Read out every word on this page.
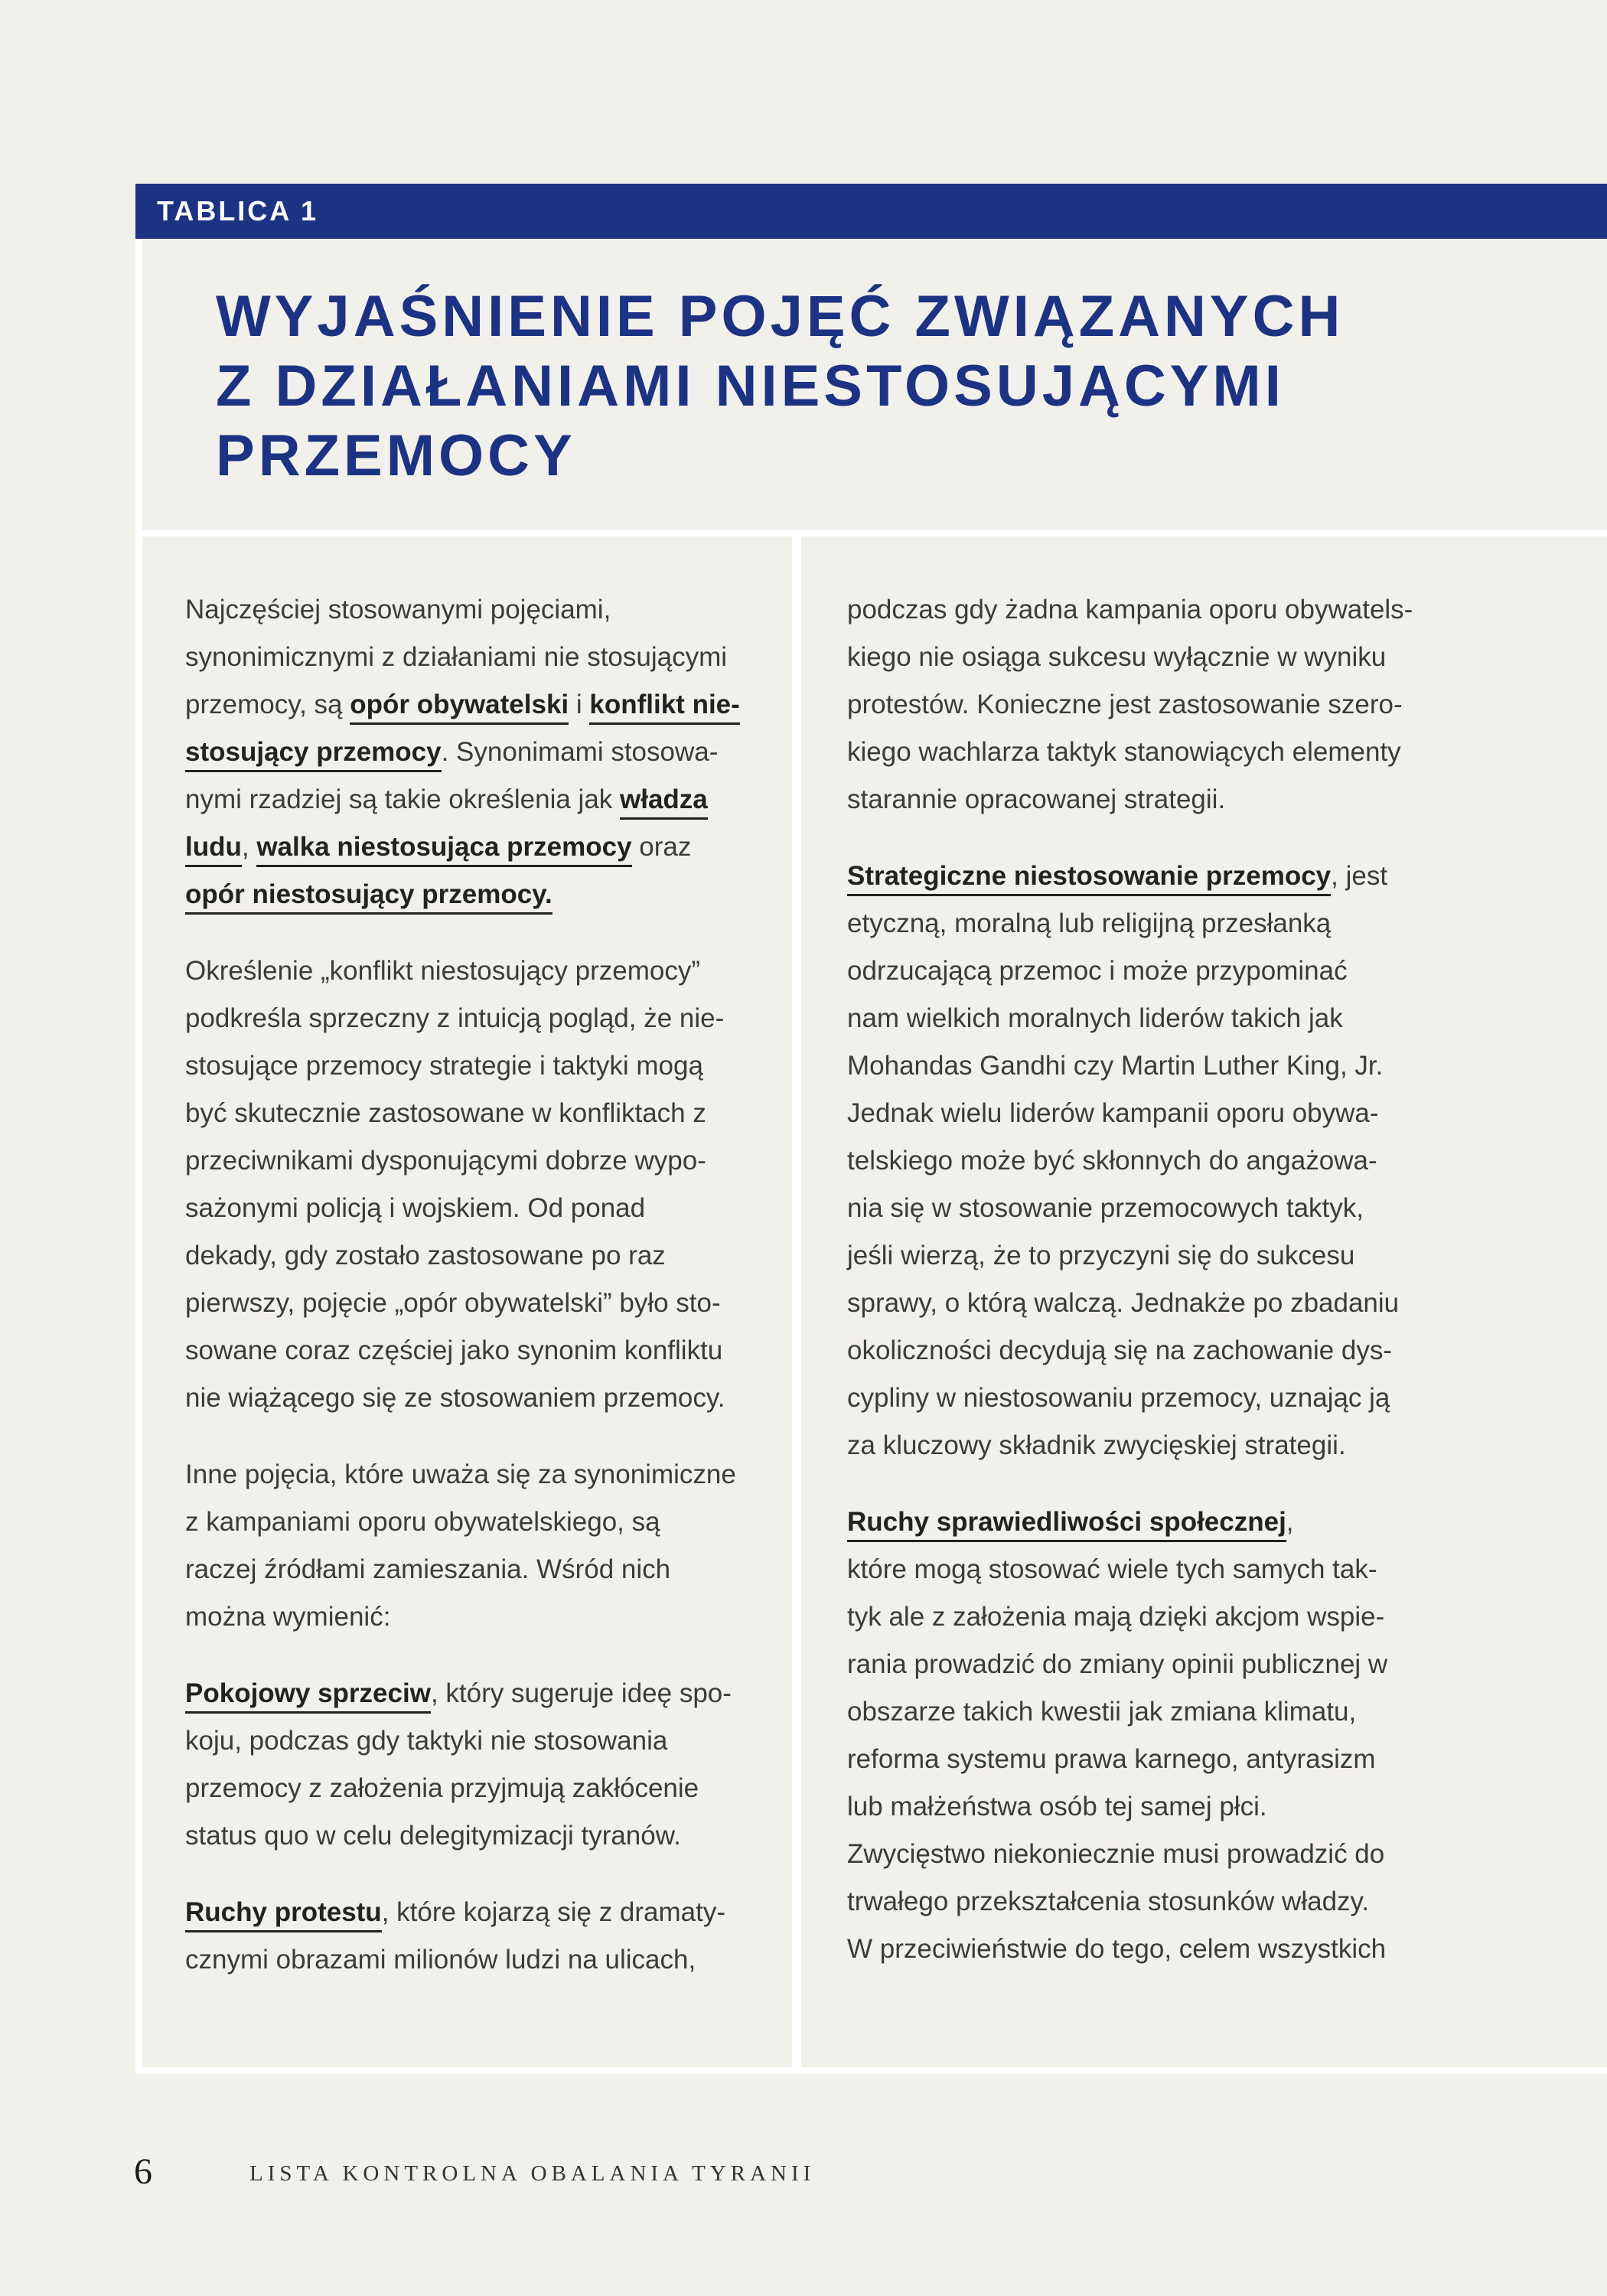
TABLICA 1
WYJAŚNIENIE POJĘĆ ZWIĄZANYCH
Z DZIAŁANIAMI NIESTOSUJĄCYMI
PRZEMOCY
Najczęściej stosowanymi pojęciami,
synonimicznymi z działaniami nie stosującymi
przemocy, są opór obywatelski i konflikt nie-
stosujący przemocy. Synonimami stosowa-
nymi rzadziej są takie określenia jak władza
ludu, walka niestosująca przemocy oraz
opór niestosujący przemocy.
Określenie „konflikt niestosujący przemocy”
podkreśla sprzeczny z intuicją pogląd, że nie-
stosujące przemocy strategie i taktyki mogą
być skutecznie zastosowane w konfliktach z
przeciwnikami dysponującymi dobrze wypo-
sażonymi policją i wojskiem. Od ponad
dekady, gdy zostało zastosowane po raz
pierwszy, pojęcie „opór obywatelski” było sto-
sowane coraz częściej jako synonim konfliktu
nie wiążącego się ze stosowaniem przemocy.
Inne pojęcia, które uważa się za synonimiczne
z kampaniami oporu obywatelskiego, są
raczej źródłami zamieszania. Wśród nich
można wymienić:
Pokojowy sprzeciw, który sugeruje ideę spo-
koju, podczas gdy taktyki nie stosowania
przemocy z założenia przyjmują zakłócenie
status quo w celu delegitymizacji tyranów.
Ruchy protestu, które kojarzą się z dramaty-
cznymi obrazami milionów ludzi na ulicach,
podczas gdy żadna kampania oporu obywatels-
kiego nie osiąga sukcesu wyłącznie w wyniku
protestów. Konieczne jest zastosowanie szero-
kiego wachlarza taktyk stanowiących elementy
starannie opracowanej strategii.
Strategiczne niestosowanie przemocy, jest
etyczną, moralną lub religijną przesłanką
odrzucającą przemoc i może przypominać
nam wielkich moralnych liderów takich jak
Mohandas Gandhi czy Martin Luther King, Jr.
Jednak wielu liderów kampanii oporu obywa-
telskiego może być skłonnych do angażowa-
nia się w stosowanie przemocowych taktyk,
jeśli wierzą, że to przyczyni się do sukcesu
sprawy, o którą walczą. Jednakże po zbadaniu
okoliczności decydują się na zachowanie dys-
cypliny w niestosowaniu przemocy, uznając ją
za kluczowy składnik zwycięskiej strategii.
Ruchy sprawiedliwości społecznej,
które mogą stosować wiele tych samych tak-
tyk ale z założenia mają dzięki akcjom wspie-
rania prowadzić do zmiany opinii publicznej w
obszarze takich kwestii jak zmiana klimatu,
reforma systemu prawa karnego, antyrasizm
lub małżeństwa osób tej samej płci.
Zwycięstwo niekoniecznie musi prowadzić do
trwałego przekształcenia stosunków władzy.
W przeciwieństwie do tego, celem wszystkich
6	LISTA KONTROLNA OBALANIA TYRANII
